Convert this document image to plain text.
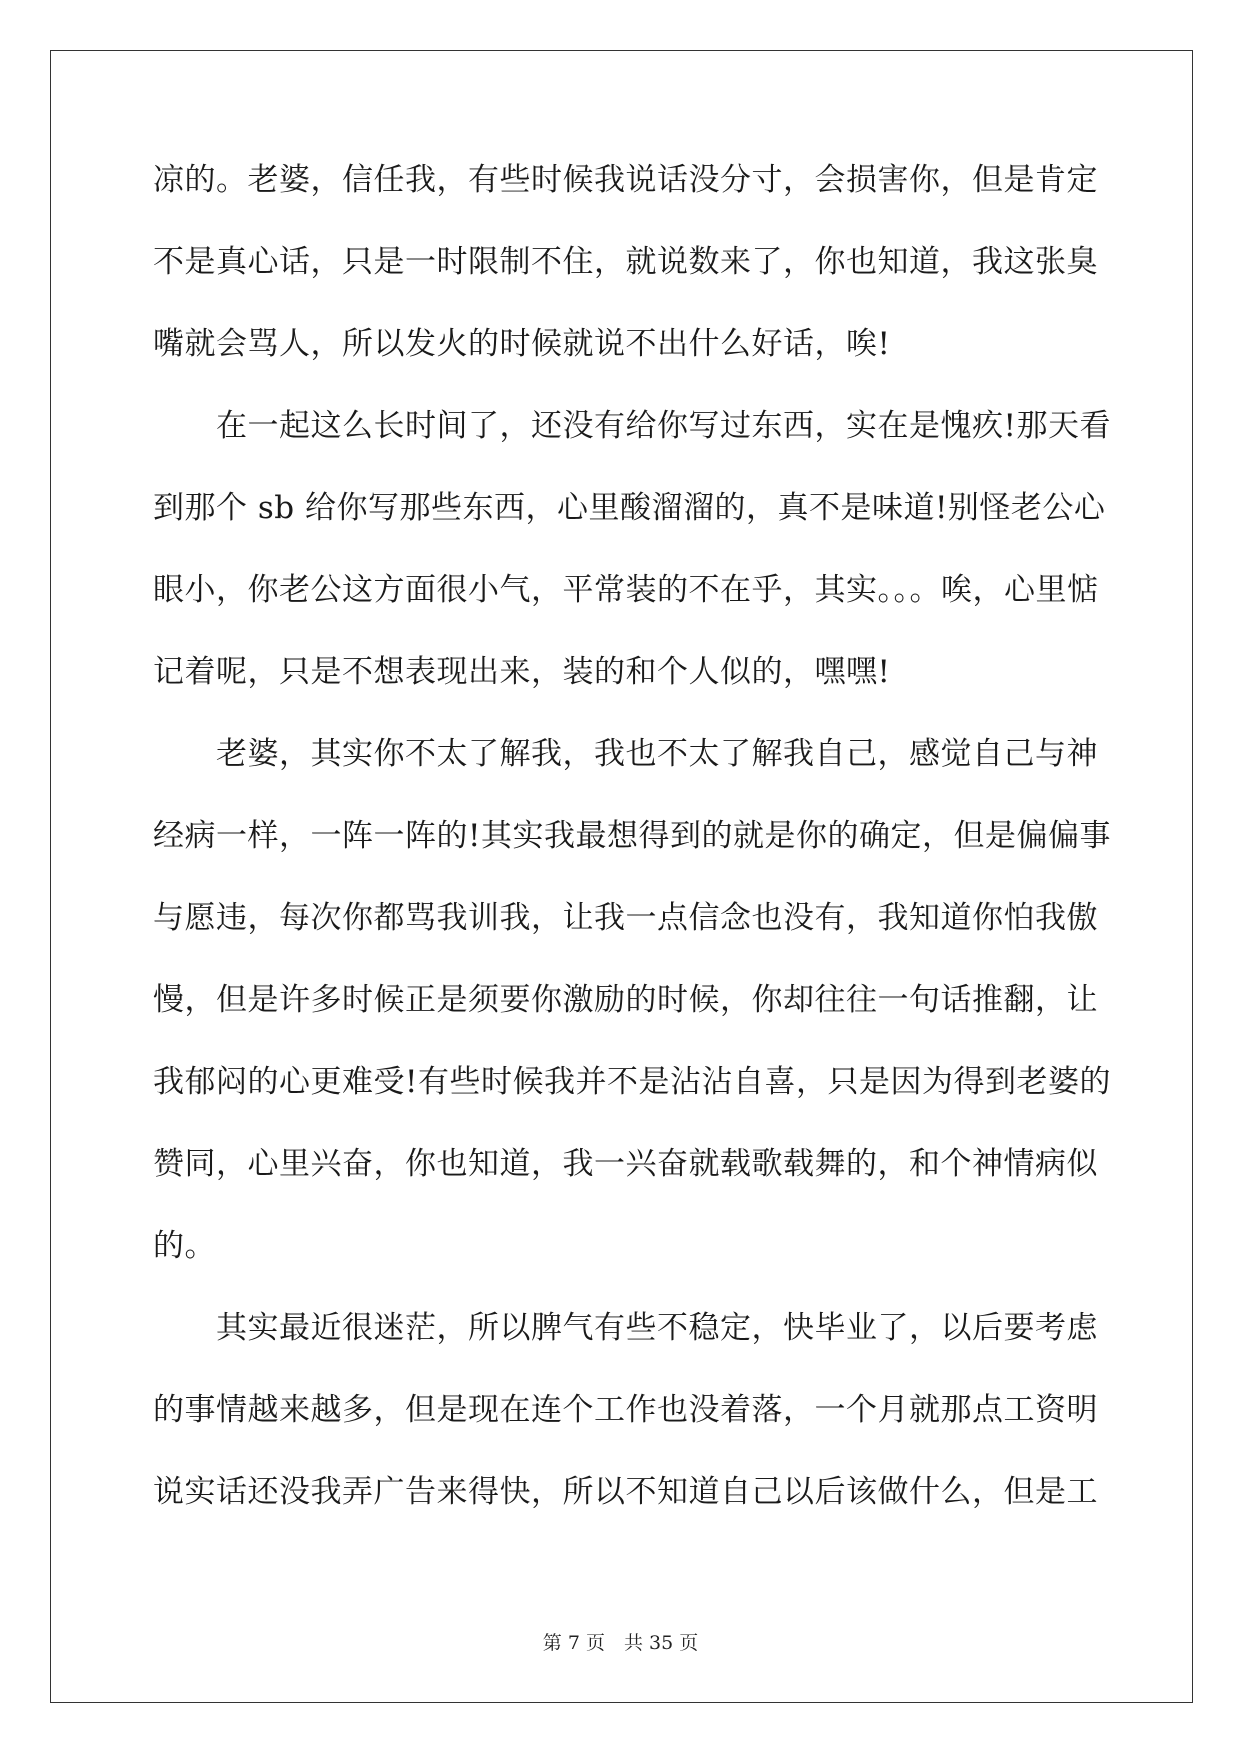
凉的。老婆，信任我，有些时候我说话没分寸，会损害你，但是肯定
不是真心话，只是一时限制不住，就说数来了，你也知道，我这张臭
嘴就会骂人，所以发火的时候就说不出什么好话，唉!
　　在一起这么长时间了，还没有给你写过东西，实在是愧疚!那天看
到那个 sb 给你写那些东西，心里酸溜溜的，真不是味道!别怪老公心
眼小，你老公这方面很小气，平常装的不在乎，其实。。。唉，心里惦
记着呢，只是不想表现出来，装的和个人似的，嘿嘿!
　　老婆，其实你不太了解我，我也不太了解我自己，感觉自己与神
经病一样，一阵一阵的!其实我最想得到的就是你的确定，但是偏偏事
与愿违，每次你都骂我训我，让我一点信念也没有，我知道你怕我傲
慢，但是许多时候正是须要你激励的时候，你却往往一句话推翻，让
我郁闷的心更难受!有些时候我并不是沾沾自喜，只是因为得到老婆的
赞同，心里兴奋，你也知道，我一兴奋就载歌载舞的，和个神情病似
的。
　　其实最近很迷茫，所以脾气有些不稳定，快毕业了，以后要考虑
的事情越来越多，但是现在连个工作也没着落，一个月就那点工资明
说实话还没我弄广告来得快，所以不知道自己以后该做什么，但是工
第 7 页　共 35 页
